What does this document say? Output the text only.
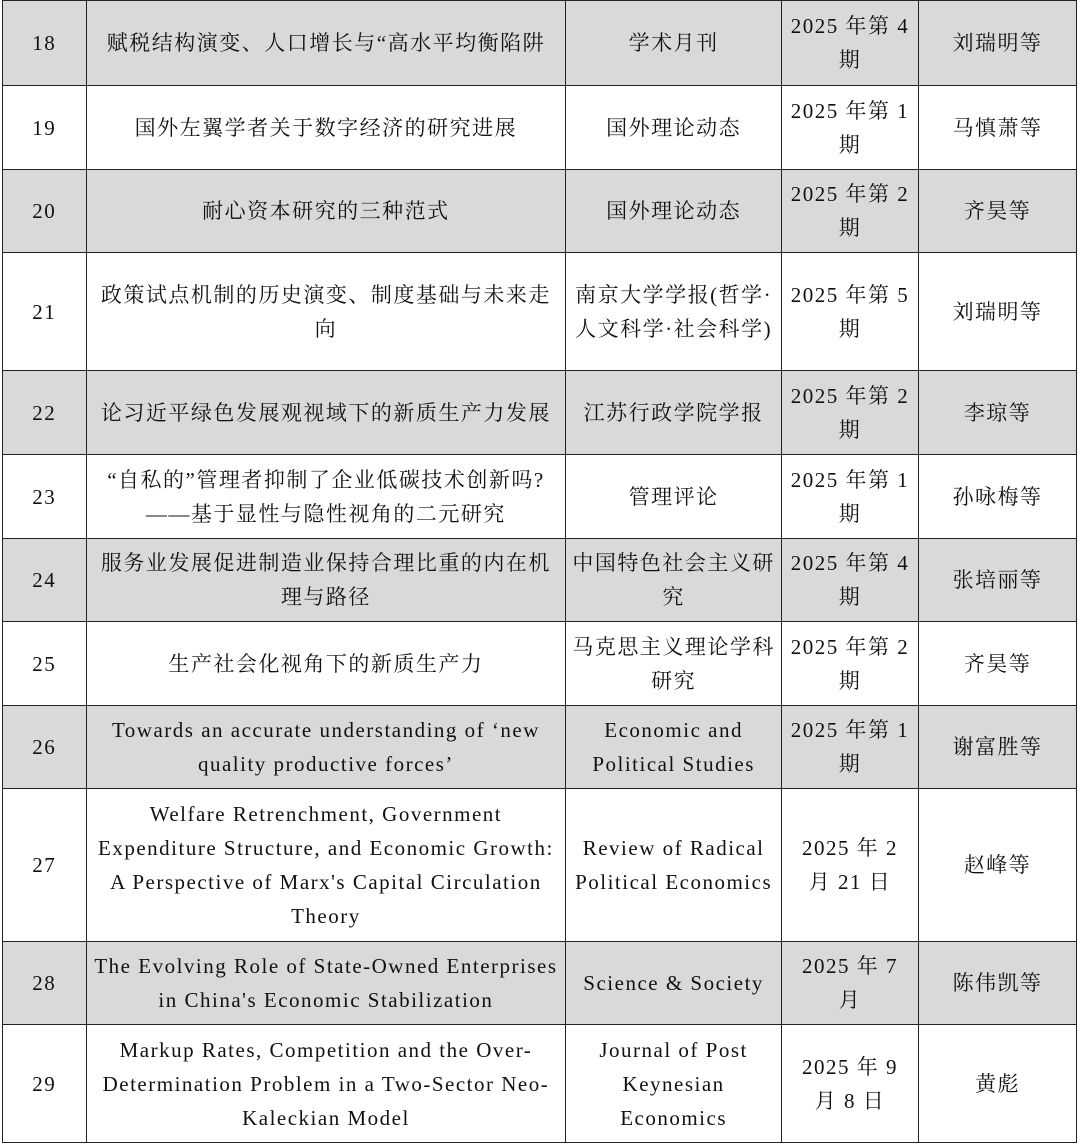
18	赋税结构演变、人口增长与“高水平均衡陷阱	学术月刊	2025 年第 4 期	刘瑞明等
19	国外左翼学者关于数字经济的研究进展	国外理论动态	2025 年第 1 期	马慎萧等
20	耐心资本研究的三种范式	国外理论动态	2025 年第 2 期	齐昊等
21	政策试点机制的历史演变、制度基础与未来走向	南京大学学报(哲学·人文科学·社会科学)	2025 年第 5 期	刘瑞明等
22	论习近平绿色发展观视域下的新质生产力发展	江苏行政学院学报	2025 年第 2 期	李琼等
23	“自私的”管理者抑制了企业低碳技术创新吗?——基于显性与隐性视角的二元研究	管理评论	2025 年第 1 期	孙咏梅等
24	服务业发展促进制造业保持合理比重的内在机理与路径	中国特色社会主义研究	2025 年第 4 期	张培丽等
25	生产社会化视角下的新质生产力	马克思主义理论学科研究	2025 年第 2 期	齐昊等
26	Towards an accurate understanding of ‘new quality productive forces’	Economic and Political Studies	2025 年第 1 期	谢富胜等
27	Welfare Retrenchment, Government Expenditure Structure, and Economic Growth: A Perspective of Marx's Capital Circulation Theory	Review of Radical Political Economics	2025 年 2 月 21 日	赵峰等
28	The Evolving Role of State-Owned Enterprises in China's Economic Stabilization	Science & Society	2025 年 7 月	陈伟凯等
29	Markup Rates, Competition and the Over-Determination Problem in a Two-Sector Neo-Kaleckian Model	Journal of Post Keynesian Economics	2025 年 9 月 8 日	黄彪
